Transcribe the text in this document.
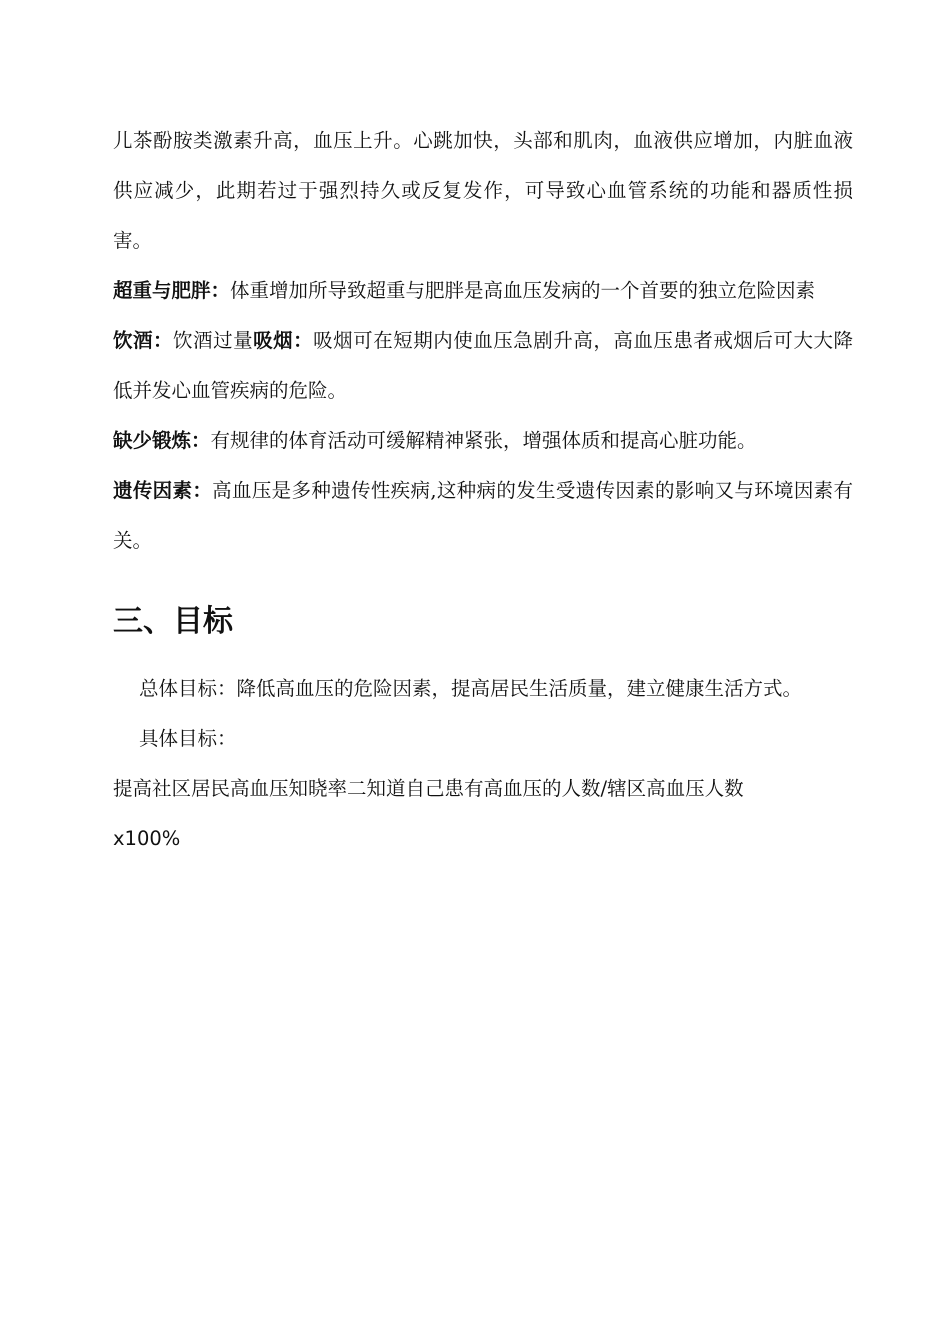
儿茶酚胺类激素升高，血压上升。心跳加快，头部和肌肉，血液供应增加，内脏血液供应减少，此期若过于强烈持久或反复发作，可导致心血管系统的功能和器质性损害。

超重与肥胖：体重增加所导致超重与肥胖是高血压发病的一个首要的独立危险因素

饮酒：饮酒过量吸烟：吸烟可在短期内使血压急剧升高，高血压患者戒烟后可大大降低并发心血管疾病的危险。

缺少锻炼：有规律的体育活动可缓解精神紧张，增强体质和提高心脏功能。

遗传因素：高血压是多种遗传性疾病,这种病的发生受遗传因素的影响又与环境因素有关。

三、目标

总体目标：降低高血压的危险因素，提高居民生活质量，建立健康生活方式。

具体目标：

提高社区居民高血压知晓率二知道自己患有高血压的人数/辖区高血压人数
x100%
